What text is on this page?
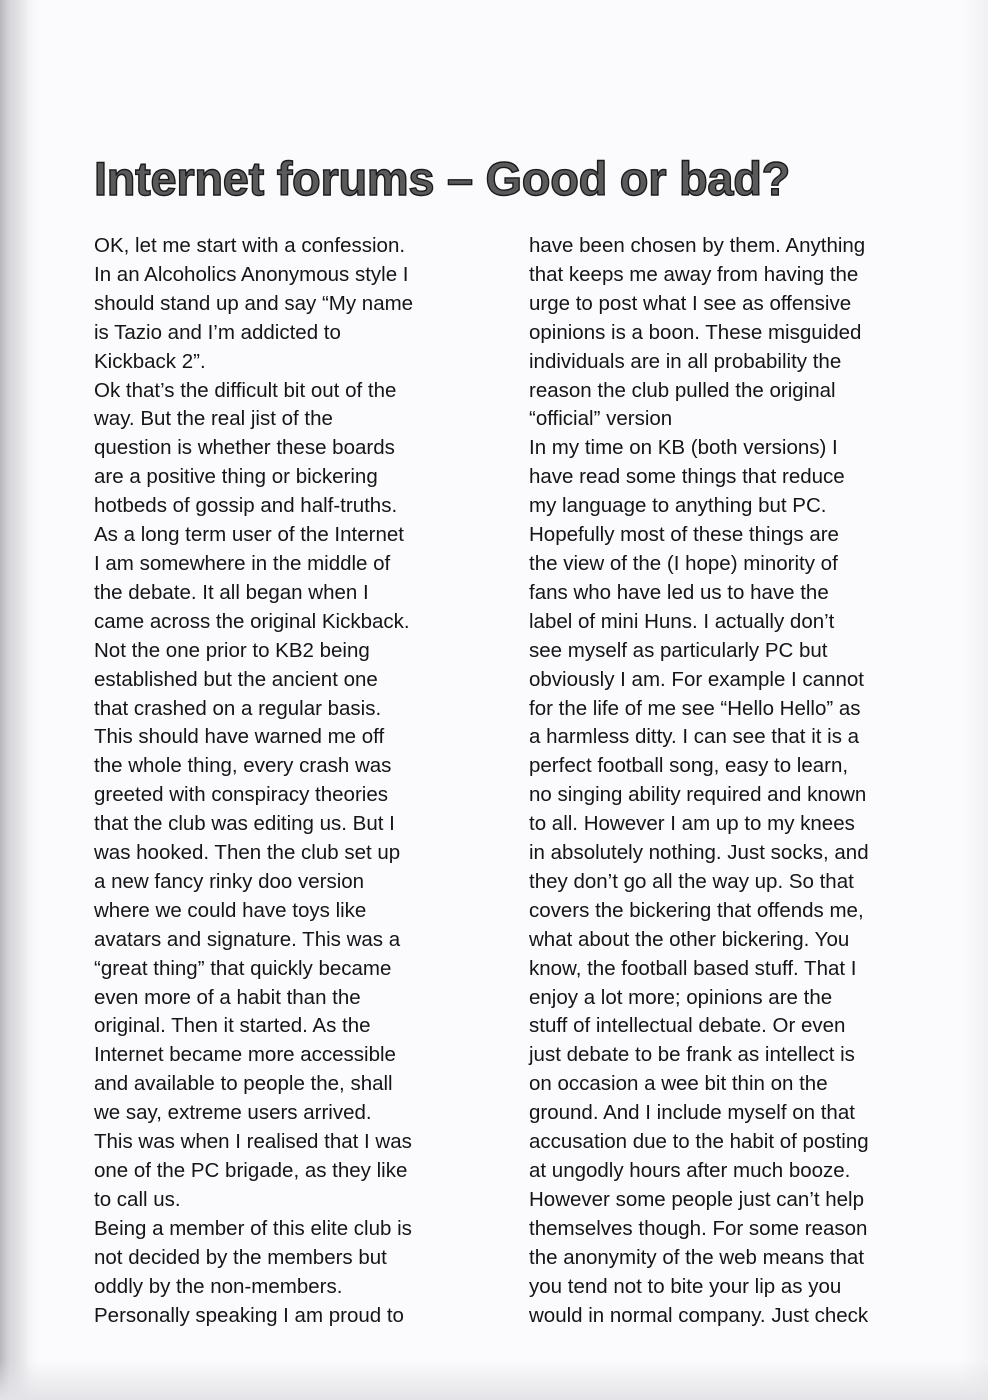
Internet forums – Good or bad?
OK, let me start with a confession.
In an Alcoholics Anonymous style I
should stand up and say “My name
is Tazio and I’m addicted to
Kickback 2”.
Ok that’s the difficult bit out of the
way. But the real jist of the
question is whether these boards
are a positive thing or bickering
hotbeds of gossip and half-truths.
As a long term user of the Internet
I am somewhere in the middle of
the debate. It all began when I
came across the original Kickback.
Not the one prior to KB2 being
established but the ancient one
that crashed on a regular basis.
This should have warned me off
the whole thing, every crash was
greeted with conspiracy theories
that the club was editing us. But I
was hooked. Then the club set up
a new fancy rinky doo version
where we could have toys like
avatars and signature. This was a
“great thing” that quickly became
even more of a habit than the
original. Then it started. As the
Internet became more accessible
and available to people the, shall
we say, extreme users arrived.
This was when I realised that I was
one of the PC brigade, as they like
to call us.
Being a member of this elite club is
not decided by the members but
oddly by the non-members.
Personally speaking I am proud to
have been chosen by them. Anything
that keeps me away from having the
urge to post what I see as offensive
opinions is a boon. These misguided
individuals are in all probability the
reason the club pulled the original
“official” version
In my time on KB (both versions) I
have read some things that reduce
my language to anything but PC.
Hopefully most of these things are
the view of the (I hope) minority of
fans who have led us to have the
label of mini Huns. I actually don’t
see myself as particularly PC but
obviously I am. For example I cannot
for the life of me see “Hello Hello” as
a harmless ditty. I can see that it is a
perfect football song, easy to learn,
no singing ability required and known
to all. However I am up to my knees
in absolutely nothing. Just socks, and
they don’t go all the way up. So that
covers the bickering that offends me,
what about the other bickering. You
know, the football based stuff. That I
enjoy a lot more; opinions are the
stuff of intellectual debate. Or even
just debate to be frank as intellect is
on occasion a wee bit thin on the
ground. And I include myself on that
accusation due to the habit of posting
at ungodly hours after much booze.
However some people just can’t help
themselves though. For some reason
the anonymity of the web means that
you tend not to bite your lip as you
would in normal company. Just check
